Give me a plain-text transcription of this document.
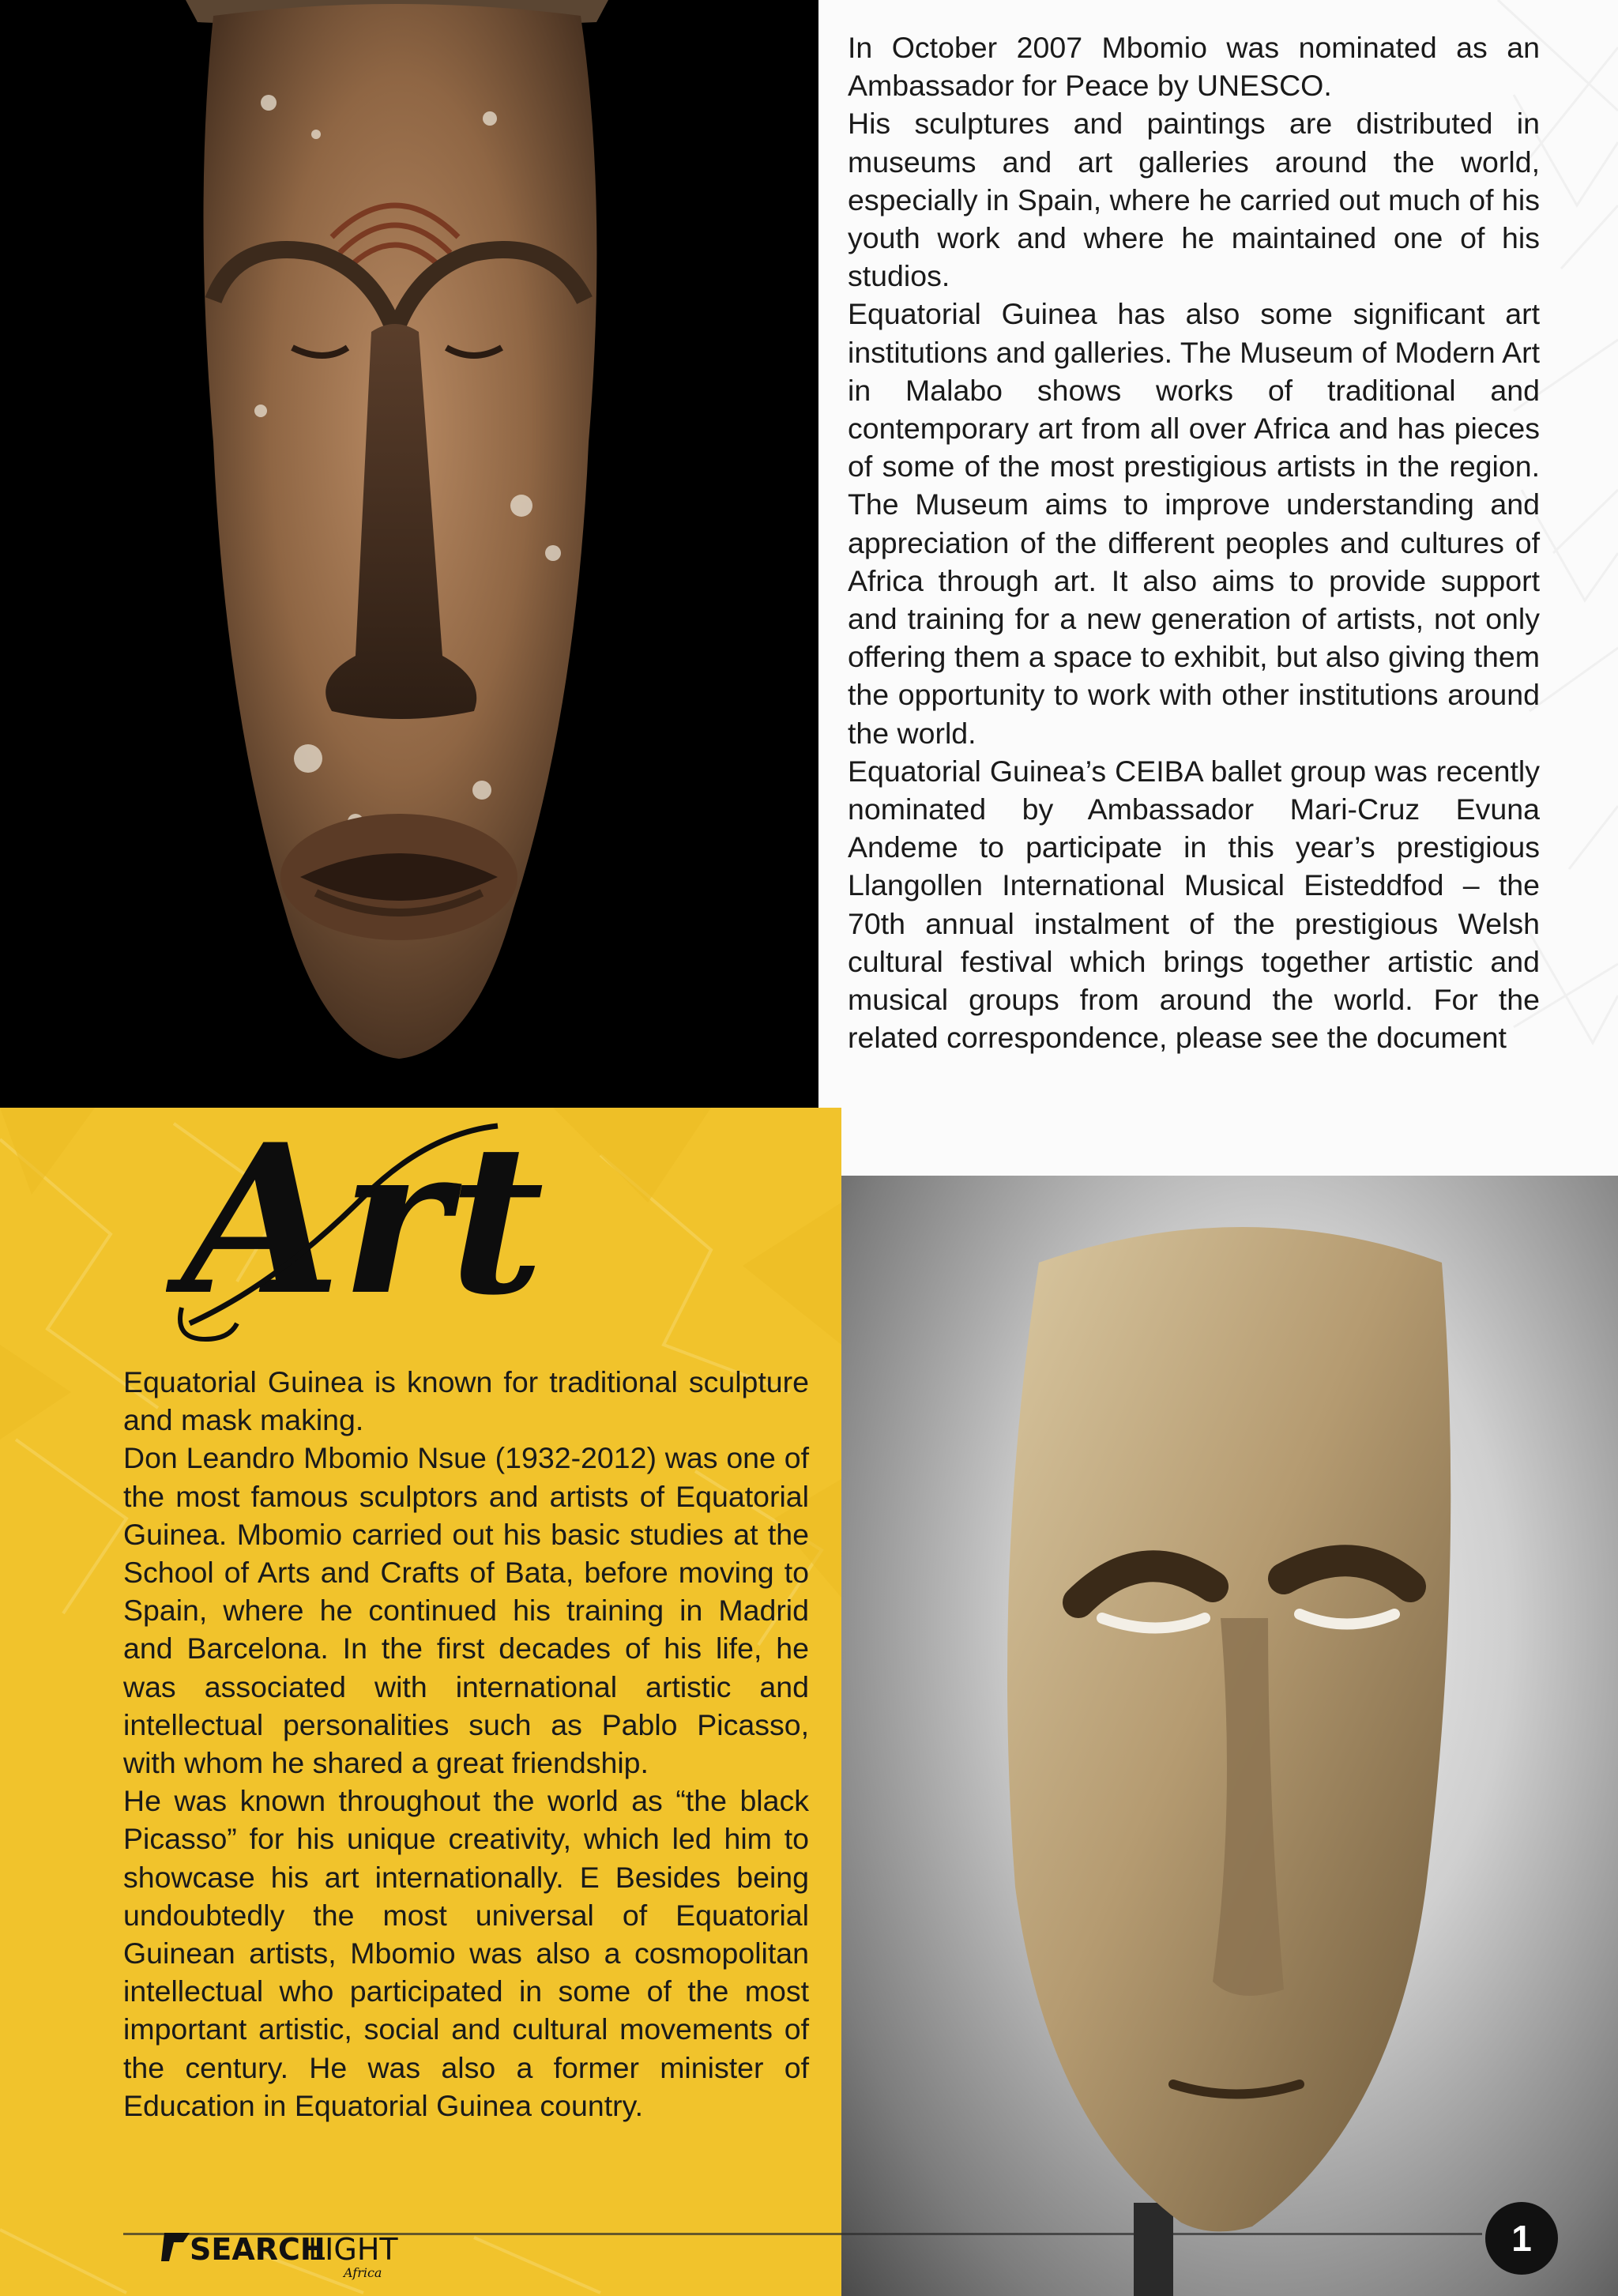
In October 2007 Mbomio was nominated as an Ambassador for Peace by UNESCO.

His sculptures and paintings are distributed in museums and art galleries around the world, especially in Spain, where he carried out much of his youth work and where he maintained one of his studios.

Equatorial Guinea has also some significant art institutions and galleries. The Museum of Modern Art in Malabo shows works of traditional and contemporary art from all over Africa and has pieces of some of the most prestigious artists in the region. The Museum aims to improve understanding and appreciation of the different peoples and cultures of Africa through art. It also aims to provide support and training for a new generation of artists, not only offering them a space to exhibit, but also giving them the opportunity to work with other institutions around the world.

Equatorial Guinea’s CEIBA ballet group was recently nominated by Ambassador Mari-Cruz Evuna Andeme to participate in this year’s prestigious Llangollen International Musical Eisteddfod – the 70th annual instalment of the prestigious Welsh cultural festival which brings together artistic and musical groups from around the world. For the related correspondence, please see the document

Art

Equatorial Guinea is known for traditional sculpture and mask making.

Don Leandro Mbomio Nsue (1932-2012) was one of the most famous sculptors and artists of Equatorial Guinea. Mbomio carried out his basic studies at the School of Arts and Crafts of Bata, before moving to Spain, where he continued his training in Madrid and Barcelona. In the first decades of his life, he was associated with international artistic and intellectual personalities such as Pablo Picasso, with whom he shared a great friendship.

He was known throughout the world as “the black Picasso” for his unique creativity, which led him to showcase his art internationally. E Besides being undoubtedly the most universal of Equatorial Guinean artists, Mbomio was also a cosmopolitan intellectual who participated in some of the most important artistic, social and cultural movements of the century. He was also a former minister of Education in Equatorial Guinea country.

SEARCH
LIGHT
Africa
1
